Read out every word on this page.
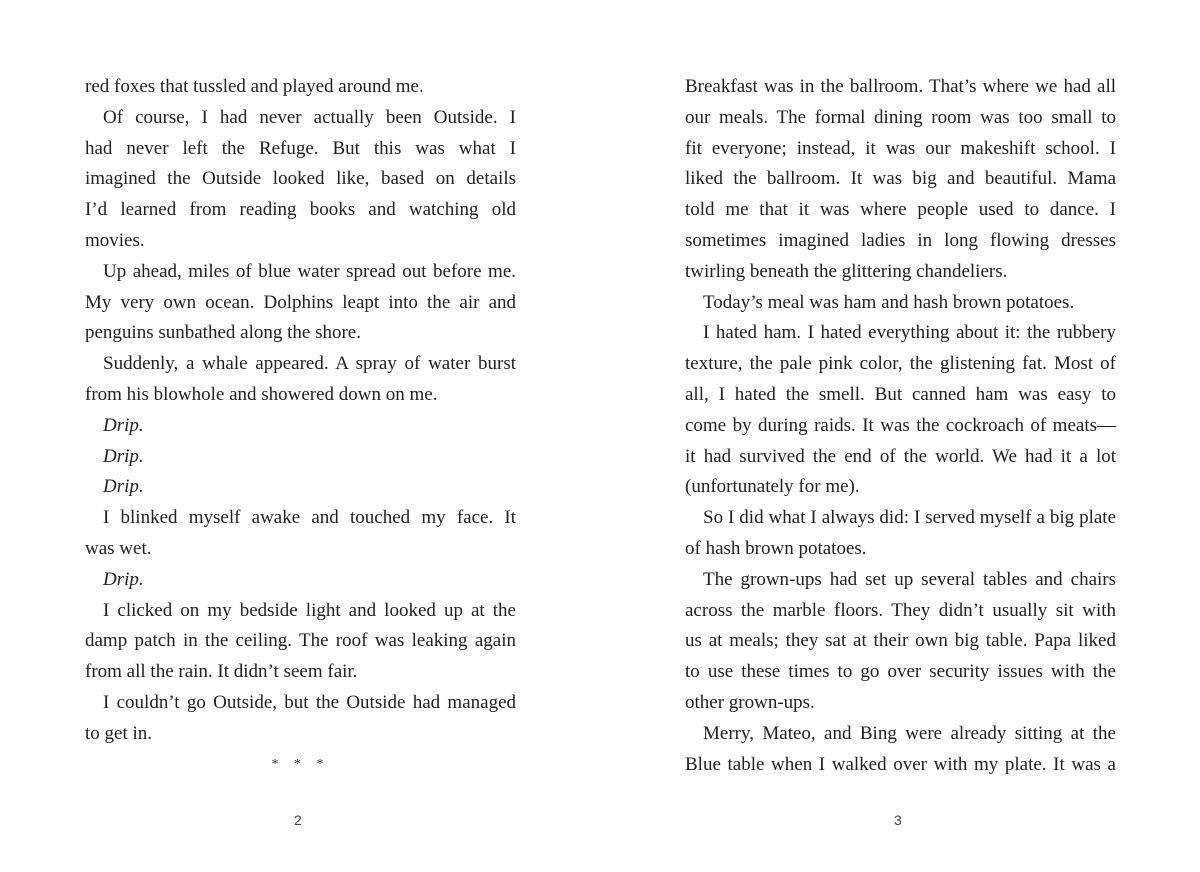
red foxes that tussled and played around me.
Of course, I had never actually been Outside. I
had never left the Refuge. But this was what I
imagined the Outside looked like, based on details
I’d learned from reading books and watching old
movies.
Up ahead, miles of blue water spread out before me.
My very own ocean. Dolphins leapt into the air and
penguins sunbathed along the shore.
Suddenly, a whale appeared. A spray of water burst
from his blowhole and showered down on me.
Drip.
Drip.
Drip.
I blinked myself awake and touched my face. It
was wet.
Drip.
I clicked on my bedside light and looked up at the
damp patch in the ceiling. The roof was leaking again
from all the rain. It didn’t seem fair.
I couldn’t go Outside, but the Outside had managed
to get in.
* * *
2
Breakfast was in the ballroom. That’s where we had all
our meals. The formal dining room was too small to
fit everyone; instead, it was our makeshift school. I
liked the ballroom. It was big and beautiful. Mama
told me that it was where people used to dance. I
sometimes imagined ladies in long flowing dresses
twirling beneath the glittering chandeliers.
Today’s meal was ham and hash brown potatoes.
I hated ham. I hated everything about it: the rubbery
texture, the pale pink color, the glistening fat. Most of
all, I hated the smell. But canned ham was easy to
come by during raids. It was the cockroach of meats—
it had survived the end of the world. We had it a lot
(unfortunately for me).
So I did what I always did: I served myself a big plate
of hash brown potatoes.
The grown-ups had set up several tables and chairs
across the marble floors. They didn’t usually sit with
us at meals; they sat at their own big table. Papa liked
to use these times to go over security issues with the
other grown-ups.
Merry, Mateo, and Bing were already sitting at the
Blue table when I walked over with my plate. It was a
3
